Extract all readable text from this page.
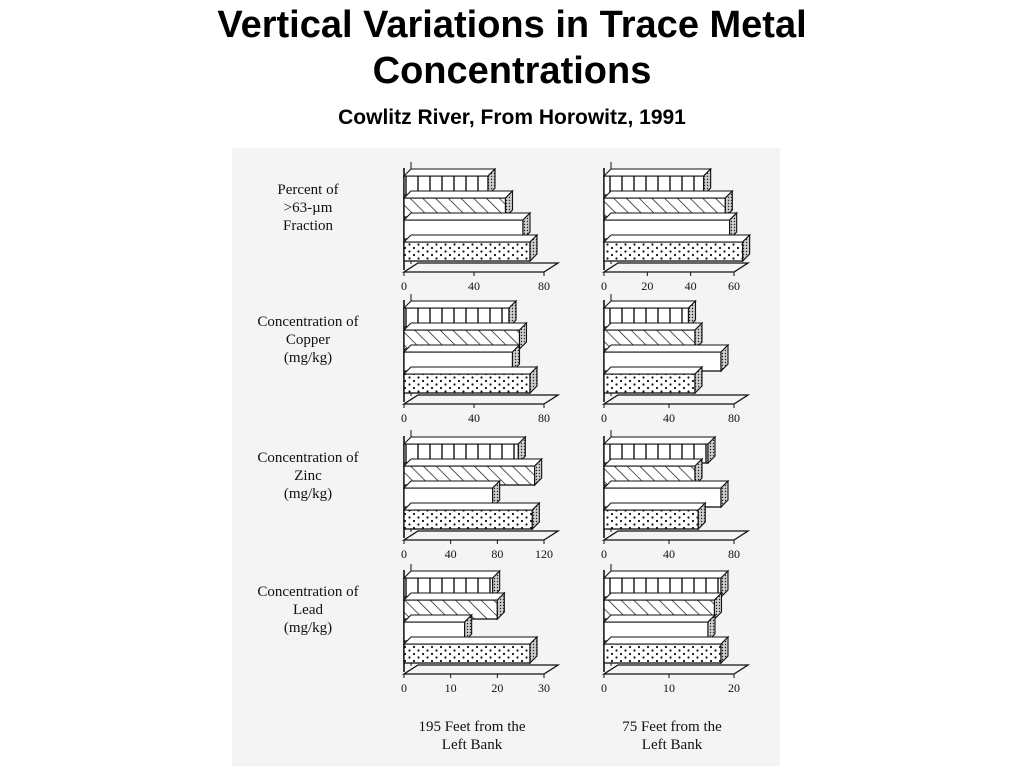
Vertical Variations in Trace Metal
Concentrations
Cowlitz River, From Horowitz, 1991
0	40	80	0	20	40	60
0	40	80	0	40	80
0	40	80	120	0	40	80
0	10	20	30	0	10	20
Percent of
>63-µm
Fraction
Concentration of
Copper
(mg/kg)
Concentration of
Zinc
(mg/kg)
Concentration of
Lead
(mg/kg)
195 Feet from the
Left Bank
75 Feet from the
Left Bank
